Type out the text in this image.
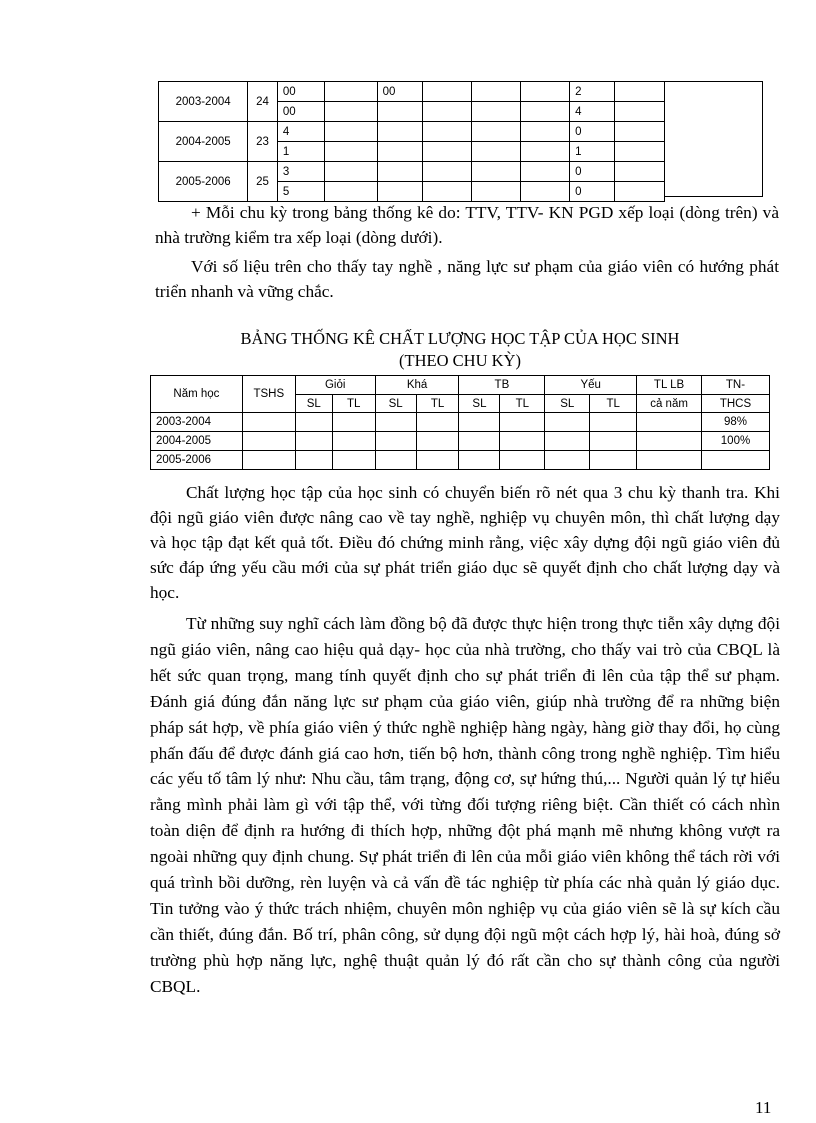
2003-2004	24	00		00				2	
		00						4	
2004-2005	23	4						0	
		1						1	
2005-2006	25	3						0	
		5						0	

+ Mỗi chu kỳ trong bảng thống kê do: TTV, TTV- KN PGD xếp loại (dòng trên) và nhà trường kiểm tra xếp loại (dòng dưới).

Với số liệu trên cho thấy tay nghề , năng lực sư phạm của giáo viên có hướng phát triển nhanh và vững chắc.

BẢNG THỐNG KÊ CHẤT LƯỢNG HỌC TẬP CỦA HỌC SINH

(THEO CHU KỲ)

Năm học	TSHS	Giỏi		Khá		TB		Yếu		TL LB	TN-
		SL	TL	SL	TL	SL	TL	SL	TL	cả năm	THCS
2003-2004											98%
2004-2005											100%
2005-2006											

Chất lượng học tập của học sinh có chuyển biến rõ nét qua 3 chu kỳ thanh tra. Khi đội ngũ giáo viên được nâng cao về tay nghề, nghiệp vụ chuyên môn, thì chất lượng dạy và học tập đạt kết quả tốt. Điều đó chứng minh rằng, việc xây dựng đội ngũ giáo viên đủ sức đáp ứng yếu cầu mới của sự phát triển giáo dục sẽ quyết định cho chất lượng dạy và học.

Từ những suy nghĩ cách làm đồng bộ đã được thực hiện trong thực tiễn xây dựng đội ngũ giáo viên, nâng cao hiệu quả dạy- học của nhà trường, cho thấy vai trò của CBQL là hết sức quan trọng, mang tính quyết định cho sự phát triển đi lên của tập thể sư phạm. Đánh giá đúng đắn năng lực sư phạm của giáo viên, giúp nhà trường để ra những biện pháp sát hợp, về phía giáo viên ý thức nghề nghiệp hàng ngày, hàng giờ thay đổi, họ cùng phấn đấu để được đánh giá cao hơn, tiến bộ hơn, thành công trong nghề nghiệp. Tìm hiểu các yếu tố tâm lý như: Nhu cầu, tâm trạng, động cơ, sự hứng thú,... Người quản lý tự hiểu rằng mình phải làm gì với tập thể, với từng đối tượng riêng biệt. Cần thiết có cách nhìn toàn diện để định ra hướng đi thích hợp, những đột phá mạnh mẽ nhưng không vượt ra ngoài những quy định chung. Sự phát triển đi lên của mỗi giáo viên không thể tách rời với quá trình bồi dưỡng, rèn luyện và cả vấn đề tác nghiệp từ phía các nhà quản lý giáo dục. Tin tưởng vào ý thức trách nhiệm, chuyên môn nghiệp vụ của giáo viên sẽ là sự kích cầu cần thiết, đúng đắn. Bố trí, phân công, sử dụng đội ngũ một cách hợp lý, hài hoà, đúng sở trường phù hợp năng lực, nghệ thuật quản lý đó rất cần cho sự thành công của người CBQL.

11
